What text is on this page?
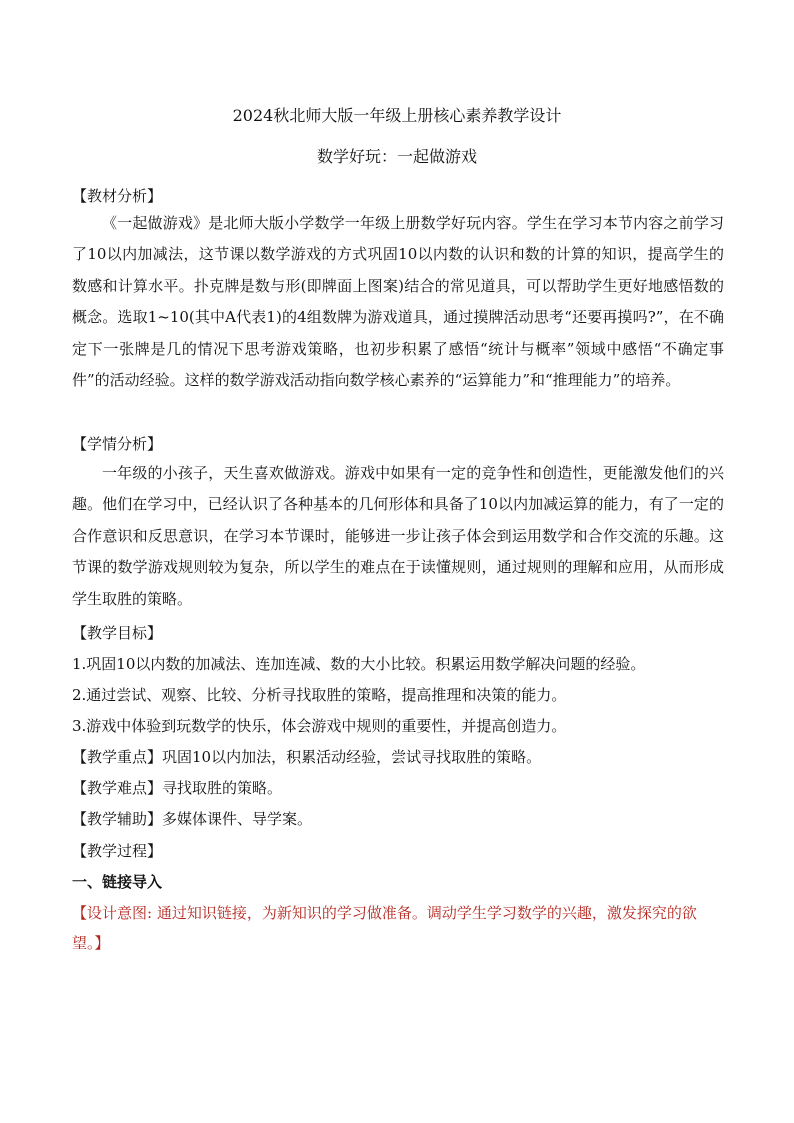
2024秋北师大版一年级上册核心素养教学设计
数学好玩：一起做游戏
【教材分析】
《一起做游戏》是北师大版小学数学一年级上册数学好玩内容。学生在学习本节内容之前学习了10以内加减法，这节课以数学游戏的方式巩固10以内数的认识和数的计算的知识，提高学生的数感和计算水平。扑克牌是数与形(即牌面上图案)结合的常见道具，可以帮助学生更好地感悟数的概念。选取1~10(其中A代表1)的4组数牌为游戏道具，通过摸牌活动思考“还要再摸吗?”，在不确定下一张牌是几的情况下思考游戏策略，也初步积累了感悟“统计与概率”领域中感悟“不确定事件”的活动经验。这样的数学游戏活动指向数学核心素养的“运算能力”和“推理能力”的培养。
【学情分析】
一年级的小孩子，天生喜欢做游戏。游戏中如果有一定的竞争性和创造性，更能激发他们的兴趣。他们在学习中，已经认识了各种基本的几何形体和具备了10以内加减运算的能力，有了一定的合作意识和反思意识，在学习本节课时，能够进一步让孩子体会到运用数学和合作交流的乐趣。这节课的数学游戏规则较为复杂，所以学生的难点在于读懂规则，通过规则的理解和应用，从而形成学生取胜的策略。
【教学目标】
1.巩固10以内数的加减法、连加连减、数的大小比较。积累运用数学解决问题的经验。
2.通过尝试、观察、比较、分析寻找取胜的策略，提高推理和决策的能力。
3.游戏中体验到玩数学的快乐，体会游戏中规则的重要性，并提高创造力。
【教学重点】巩固10以内加法，积累活动经验，尝试寻找取胜的策略。
【教学难点】寻找取胜的策略。
【教学辅助】多媒体课件、导学案。
【教学过程】
一、链接导入
【设计意图: 通过知识链接，为新知识的学习做准备。调动学生学习数学的兴趣，激发探究的欲望。】
